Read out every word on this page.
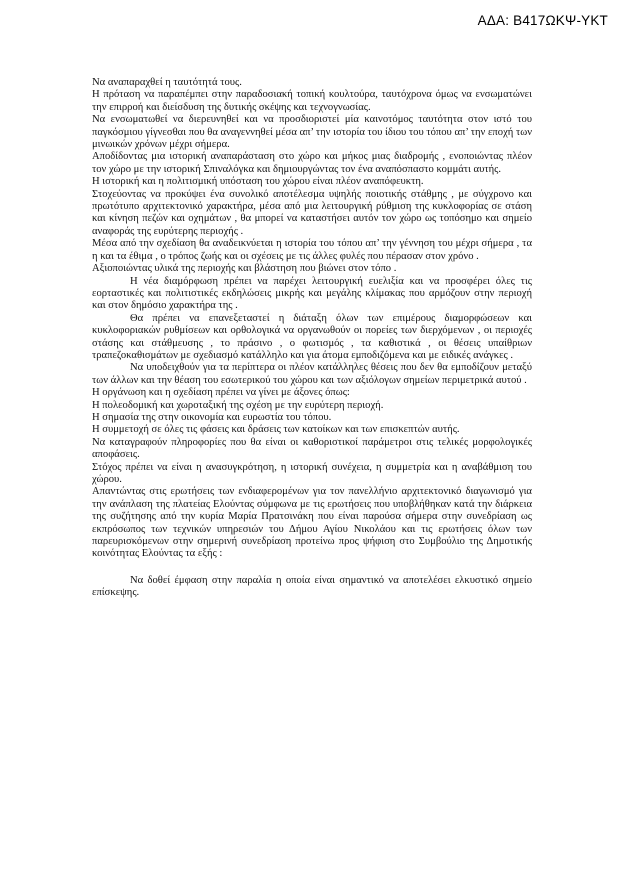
ΑΔΑ: Β417ΩΚΨ-ΥΚΤ

Να αναπαραχθεί η ταυτότητά τους.

Η πρόταση να παραπέμπει στην παραδοσιακή τοπική κουλτούρα, ταυτόχρονα όμως να ενσωματώνει την επιρροή και διείσδυση της δυτικής σκέψης και τεχνογνωσίας.

Να ενσωματωθεί να διερευνηθεί και να προσδιοριστεί μία καινοτόμος ταυτότητα στον ιστό του παγκόσμιου γίγνεσθαι που θα αναγεννηθεί μέσα απ’ την ιστορία του ίδιου του τόπου απ’ την εποχή των μινωικών χρόνων μέχρι σήμερα.

Αποδίδοντας μια ιστορική αναπαράσταση στο χώρο και μήκος μιας διαδρομής , ενοποιώντας πλέον τον χώρο με την ιστορική Σπιναλόγκα και δημιουργώντας τον ένα αναπόσπαστο κομμάτι αυτής.

Η ιστορική και η πολιτισμική υπόσταση του χώρου είναι πλέον αναπόφευκτη.

Στοχεύοντας να προκύψει ένα συνολικό αποτέλεσμα υψηλής ποιοτικής στάθμης , με σύγχρονο και πρωτότυπο αρχιτεκτονικό χαρακτήρα, μέσα από μια λειτουργική ρύθμιση της κυκλοφορίας σε στάση και κίνηση πεζών και οχημάτων , θα μπορεί να καταστήσει αυτόν τον χώρο ως τοπόσημο και σημείο αναφοράς της ευρύτερης περιοχής .

Μέσα από την σχεδίαση θα αναδεικνύεται η ιστορία του τόπου απ’ την γέννηση του μέχρι σήμερα , τα η και τα έθιμα , ο τρόπος ζωής και οι σχέσεις με τις άλλες φυλές που πέρασαν στον χρόνο .

Αξιοποιώντας υλικά της περιοχής και βλάστηση που βιώνει στον τόπο .

Η νέα διαμόρφωση πρέπει να παρέχει λειτουργική ευελιξία και να προσφέρει όλες τις εορταστικές και πολιτιστικές εκδηλώσεις μικρής και μεγάλης κλίμακας που αρμόζουν στην περιοχή και στον δημόσιο χαρακτήρα της .

Θα πρέπει να επανεξεταστεί η διάταξη όλων των επιμέρους διαμορφώσεων και κυκλοφοριακών ρυθμίσεων και ορθολογικά να οργανωθούν οι πορείες των διερχόμενων , οι περιοχές στάσης και στάθμευσης , το πράσινο , ο φωτισμός , τα καθιστικά , οι θέσεις υπαίθριων τραπεζοκαθισμάτων με σχεδιασμό κατάλληλο και για άτομα εμποδιζόμενα και με ειδικές ανάγκες .

Να υποδειχθούν για τα περίπτερα οι πλέον κατάλληλες θέσεις που δεν θα εμποδίζουν μεταξύ των άλλων και την θέαση του εσωτερικού του χώρου και των αξιόλογων σημείων περιμετρικά αυτού .

Η οργάνωση και η σχεδίαση πρέπει να γίνει με άξονες όπως:

Η πολεοδομική και χωροταξική της σχέση με την ευρύτερη περιοχή.

Η σημασία της στην οικονομία και ευρωστία του τόπου.

Η συμμετοχή σε όλες τις φάσεις και δράσεις των κατοίκων και των επισκεπτών αυτής.

Να καταγραφούν πληροφορίες που θα είναι οι καθοριστικοί παράμετροι στις τελικές μορφολογικές αποφάσεις.

Στόχος πρέπει να είναι η ανασυγκρότηση, η ιστορική συνέχεια, η συμμετρία και η αναβάθμιση του χώρου.

Απαντώντας στις ερωτήσεις των ενδιαφερομένων για τον πανελλήνιο αρχιτεκτονικό διαγωνισμό για την ανάπλαση της πλατείας Ελούντας σύμφωνα με τις ερωτήσεις που υποβλήθηκαν κατά την διάρκεια της συζήτησης από την κυρία Μαρία Πρατσινάκη που είναι παρούσα σήμερα στην συνεδρίαση ως εκπρόσωπος των τεχνικών υπηρεσιών του Δήμου Αγίου Νικολάου και τις ερωτήσεις όλων των παρευρισκόμενων στην σημερινή συνεδρίαση προτείνω προς ψήφιση στο Συμβούλιο της Δημοτικής κοινότητας Ελούντας τα εξής :

Να δοθεί έμφαση στην παραλία η οποία είναι σημαντικό να αποτελέσει ελκυστικό σημείο επίσκεψης.
